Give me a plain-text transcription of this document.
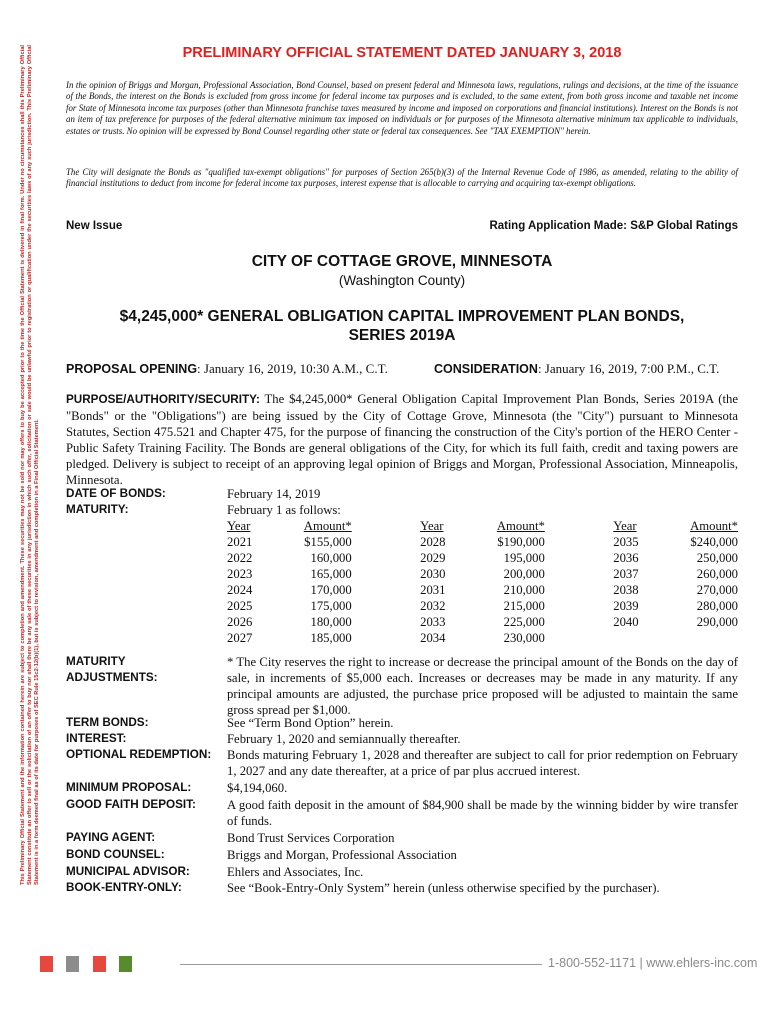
This Preliminary Official Statement and the information contained herein are subject to completion and amendment. These securities may not be sold nor may offers to buy be accepted prior to the time the Official Statement is delivered in final form. Under no circumstances shall this Preliminary Official Statement constitute an offer to sell or the solicitation of an offer to buy nor shall there be any sale of these securities in any jurisdiction in which such offer, solicitation or sale would be unlawful prior to registration or qualification under the securities laws of any such jurisdiction. This Preliminary Official Statement is in a form deemed final as of its date for purposes of SEC Rule 15c2-12(b)(1), but is subject to revision, amendment and completion in a Final Official Statement.
PRELIMINARY OFFICIAL STATEMENT DATED JANUARY 3, 2018
In the opinion of Briggs and Morgan, Professional Association, Bond Counsel, based on present federal and Minnesota laws, regulations, rulings and decisions, at the time of the issuance of the Bonds, the interest on the Bonds is excluded from gross income for federal income tax purposes and is excluded, to the same extent, from both gross income and taxable net income for State of Minnesota income tax purposes (other than Minnesota franchise taxes measured by income and imposed on corporations and financial institutions). Interest on the Bonds is not an item of tax preference for purposes of the federal alternative minimum tax imposed on individuals or for purposes of the Minnesota alternative minimum tax applicable to individuals, estates or trusts. No opinion will be expressed by Bond Counsel regarding other state or federal tax consequences. See "TAX EXEMPTION" herein.
The City will designate the Bonds as "qualified tax-exempt obligations" for purposes of Section 265(b)(3) of the Internal Revenue Code of 1986, as amended, relating to the ability of financial institutions to deduct from income for federal income tax purposes, interest expense that is allocable to carrying and acquiring tax-exempt obligations.
New Issue	Rating Application Made: S&P Global Ratings
CITY OF COTTAGE GROVE, MINNESOTA
(Washington County)
$4,245,000* GENERAL OBLIGATION CAPITAL IMPROVEMENT PLAN BONDS,
SERIES 2019A
PROPOSAL OPENING: January 16, 2019, 10:30 A.M., C.T.	CONSIDERATION: January 16, 2019, 7:00 P.M., C.T.
PURPOSE/AUTHORITY/SECURITY: The $4,245,000* General Obligation Capital Improvement Plan Bonds, Series 2019A (the "Bonds" or the "Obligations") are being issued by the City of Cottage Grove, Minnesota (the "City") pursuant to Minnesota Statutes, Section 475.521 and Chapter 475, for the purpose of financing the construction of the City's portion of the HERO Center - Public Safety Training Facility. The Bonds are general obligations of the City, for which its full faith, credit and taxing powers are pledged. Delivery is subject to receipt of an approving legal opinion of Briggs and Morgan, Professional Association, Minneapolis, Minnesota.
DATE OF BONDS:	February 14, 2019
MATURITY:	February 1 as follows:
Year	Amount*		Year	Amount*		Year	Amount*
2021	$155,000		2028	$190,000		2035	$240,000
2022	160,000		2029	195,000		2036	250,000
2023	165,000		2030	200,000		2037	260,000
2024	170,000		2031	210,000		2038	270,000
2025	175,000		2032	215,000		2039	280,000
2026	180,000		2033	225,000		2040	290,000
2027	185,000		2034	230,000			
MATURITY
ADJUSTMENTS:
* The City reserves the right to increase or decrease the principal amount of the Bonds on the day of sale, in increments of $5,000 each. Increases or decreases may be made in any maturity. If any principal amounts are adjusted, the purchase price proposed will be adjusted to maintain the same gross spread per $1,000.
TERM BONDS:	See “Term Bond Option” herein.
INTEREST:	February 1, 2020 and semiannually thereafter.
OPTIONAL REDEMPTION: Bonds maturing February 1, 2028 and thereafter are subject to call for prior redemption on February 1, 2027 and any date thereafter, at a price of par plus accrued interest.
MINIMUM PROPOSAL:	$4,194,060.
GOOD FAITH DEPOSIT: A good faith deposit in the amount of $84,900 shall be made by the winning bidder by wire transfer of funds.
PAYING AGENT:	Bond Trust Services Corporation
BOND COUNSEL:	Briggs and Morgan, Professional Association
MUNICIPAL ADVISOR:	Ehlers and Associates, Inc.
BOOK-ENTRY-ONLY:	See “Book-Entry-Only System” herein (unless otherwise specified by the purchaser).
1-800-552-1171 | www.ehlers-inc.com
